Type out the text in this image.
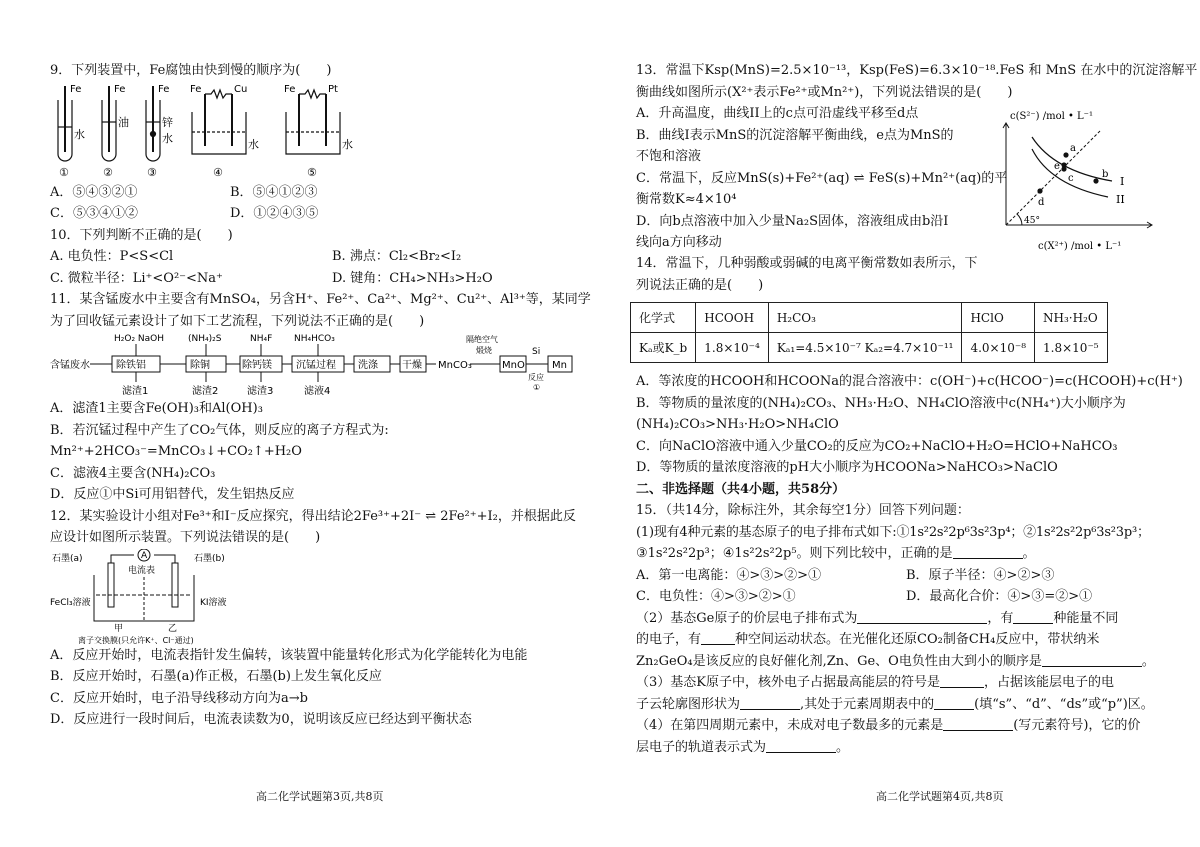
9．下列装置中，Fe腐蚀由快到慢的顺序为(　　)
Fe	Fe	Fe
水
油	锌
水
Fe	Cu
水
Fe	Pt
水
①	②	③	④	⑤
A．⑤④③②①	B．⑤④①②③
C．⑤③④①②	D．①②④③⑤
10．下列判断不正确的是(　　)
A. 电负性：P<S<Cl	B. 沸点：Cl₂<Br₂<I₂
C. 微粒半径：Li⁺<O²⁻<Na⁺	D. 键角：CH₄>NH₃>H₂O
11．某含锰废水中主要含有MnSO₄，另含H⁺、Fe²⁺、Ca²⁺、Mg²⁺、Cu²⁺、Al³⁺等，某同学
为了回收锰元素设计了如下工艺流程，下列说法不正确的是(　　)
含锰废水
H₂O₂ NaOH	(NH₄)₂S	NH₄F NH₄HCO₃
除铁铝	除铜	除钙镁 沉锰过程 洗涤 干燥
滤渣1	滤渣2	滤渣3	滤液4
MnCO₃
隔绝空气
煅烧
MnO
Si
反应
①
Mn
A．滤渣1主要含Fe(OH)₃和Al(OH)₃
B．若沉锰过程中产生了CO₂气体，则反应的离子方程式为:
Mn²⁺+2HCO₃⁻=MnCO₃↓+CO₂↑+H₂O
C．滤液4主要含(NH₄)₂CO₃
D．反应①中Si可用铝替代，发生铝热反应
12．某实验设计小组对Fe³⁺和I⁻反应探究，得出结论2Fe³⁺+2I⁻ ⇌ 2Fe²⁺+I₂，并根据此反
应设计如图所示装置。下列说法错误的是(　　)
A
石墨(a)	石墨(b)
电流表
FeCl₃溶液	KI溶液
甲	乙
离子交换膜(只允许K⁺、Cl⁻通过)
A．反应开始时，电流表指针发生偏转，该装置中能量转化形式为化学能转化为电能
B．反应开始时，石墨(a)作正极，石墨(b)上发生氧化反应
C．反应开始时，电子沿导线移动方向为a→b
D．反应进行一段时间后，电流表读数为0，说明该反应已经达到平衡状态
高二化学试题第3页,共8页
13．常温下Ksp(MnS)=2.5×10⁻¹³，Ksp(FeS)=6.3×10⁻¹⁸.FeS 和 MnS 在水中的沉淀溶解平
衡曲线如图所示(X²⁺表示Fe²⁺或Mn²⁺)，下列说法错误的是(　　)
A．升高温度，曲线II上的c点可沿虚线平移至d点
B．曲线I表示MnS的沉淀溶解平衡曲线，e点为MnS的
不饱和溶液
C．常温下，反应MnS(s)+Fe²⁺(aq) ⇌ FeS(s)+Mn²⁺(aq)的平
衡常数K≈4×10⁴
D．向b点溶液中加入少量Na₂S固体，溶液组成由b沿I
线向a方向移动
c(S²⁻) /mol • L⁻¹
c(X²⁺) /mol • L⁻¹
45°
a
b
c
d
e
I
II
14．常温下，几种弱酸或弱碱的电离平衡常数如表所示，下
列说法正确的是(　　)
化学式	HCOOH	H₂CO₃	HClO	NH₃·H₂O
Kₐ或K_b	1.8×10⁻⁴	Kₐ₁=4.5×10⁻⁷ Kₐ₂=4.7×10⁻¹¹	4.0×10⁻⁸	1.8×10⁻⁵
A．等浓度的HCOOH和HCOONa的混合溶液中：c(OH⁻)+c(HCOO⁻)=c(HCOOH)+c(H⁺)
B．等物质的量浓度的(NH₄)₂CO₃、NH₃·H₂O、NH₄ClO溶液中c(NH₄⁺)大小顺序为
(NH₄)₂CO₃>NH₃·H₂O>NH₄ClO
C．向NaClO溶液中通入少量CO₂的反应为CO₂+NaClO+H₂O=HClO+NaHCO₃
D．等物质的量浓度溶液的pH大小顺序为HCOONa>NaHCO₃>NaClO
二、非选择题（共4小题，共58分）
15．（共14分，除标注外，其余每空1分）回答下列问题：
(1)现有4种元素的基态原子的电子排布式如下:①1s²2s²2p⁶3s²3p⁴；②1s²2s²2p⁶3s²3p³；
③1s²2s²2p³；④1s²2s²2p⁵。则下列比较中，正确的是	。
A．第一电离能：④>③>②>①	B．原子半径：④>②>③
C．电负性：④>③>②>①	D．最高化合价：④>③=②>①
（2）基态Ge原子的价层电子排布式为	，有	种能量不同
的电子，有	种空间运动状态。在光催化还原CO₂制备CH₄反应中，带状纳米
Zn₂GeO₄是该反应的良好催化剂,Zn、Ge、O电负性由大到小的顺序是	。
（3）基态K原子中，核外电子占据最高能层的符号是	，占据该能层电子的电
子云轮廓图形状为	,其处于元素周期表中的	(填“s”、“d”、“ds”或“p”)区。
（4）在第四周期元素中，未成对电子数最多的元素是	(写元素符号)，它的价
层电子的轨道表示式为	。
高二化学试题第4页,共8页
